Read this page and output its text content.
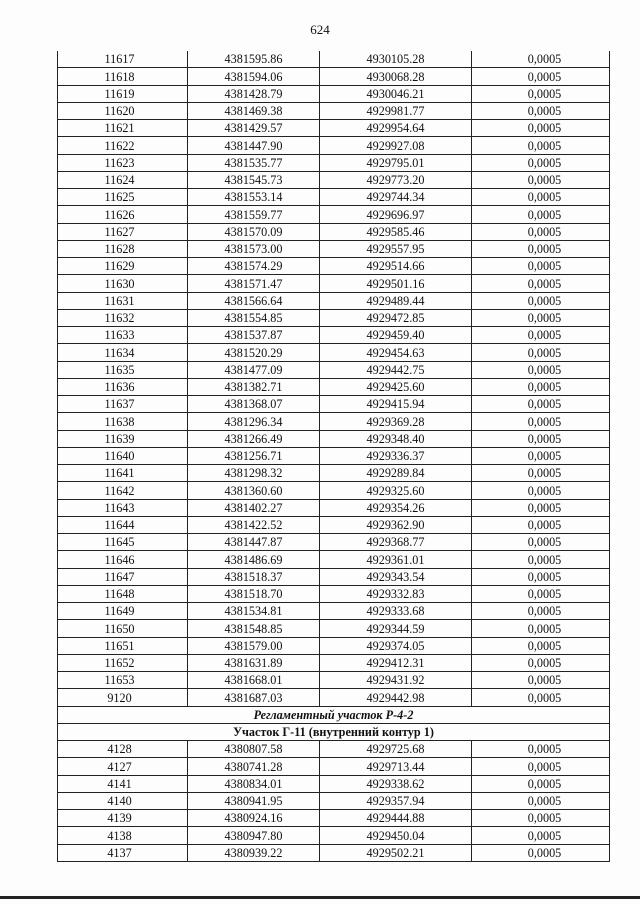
624
11617	4381595.86	4930105.28	0,0005
11618	4381594.06	4930068.28	0,0005
11619	4381428.79	4930046.21	0,0005
11620	4381469.38	4929981.77	0,0005
11621	4381429.57	4929954.64	0,0005
11622	4381447.90	4929927.08	0,0005
11623	4381535.77	4929795.01	0,0005
11624	4381545.73	4929773.20	0,0005
11625	4381553.14	4929744.34	0,0005
11626	4381559.77	4929696.97	0,0005
11627	4381570.09	4929585.46	0,0005
11628	4381573.00	4929557.95	0,0005
11629	4381574.29	4929514.66	0,0005
11630	4381571.47	4929501.16	0,0005
11631	4381566.64	4929489.44	0,0005
11632	4381554.85	4929472.85	0,0005
11633	4381537.87	4929459.40	0,0005
11634	4381520.29	4929454.63	0,0005
11635	4381477.09	4929442.75	0,0005
11636	4381382.71	4929425.60	0,0005
11637	4381368.07	4929415.94	0,0005
11638	4381296.34	4929369.28	0,0005
11639	4381266.49	4929348.40	0,0005
11640	4381256.71	4929336.37	0,0005
11641	4381298.32	4929289.84	0,0005
11642	4381360.60	4929325.60	0,0005
11643	4381402.27	4929354.26	0,0005
11644	4381422.52	4929362.90	0,0005
11645	4381447.87	4929368.77	0,0005
11646	4381486.69	4929361.01	0,0005
11647	4381518.37	4929343.54	0,0005
11648	4381518.70	4929332.83	0,0005
11649	4381534.81	4929333.68	0,0005
11650	4381548.85	4929344.59	0,0005
11651	4381579.00	4929374.05	0,0005
11652	4381631.89	4929412.31	0,0005
11653	4381668.01	4929431.92	0,0005
9120	4381687.03	4929442.98	0,0005
Регламентный участок Р-4-2			
Участок Г-11 (внутренний контур 1)			
4128	4380807.58	4929725.68	0,0005
4127	4380741.28	4929713.44	0,0005
4141	4380834.01	4929338.62	0,0005
4140	4380941.95	4929357.94	0,0005
4139	4380924.16	4929444.88	0,0005
4138	4380947.80	4929450.04	0,0005
4137	4380939.22	4929502.21	0,0005
